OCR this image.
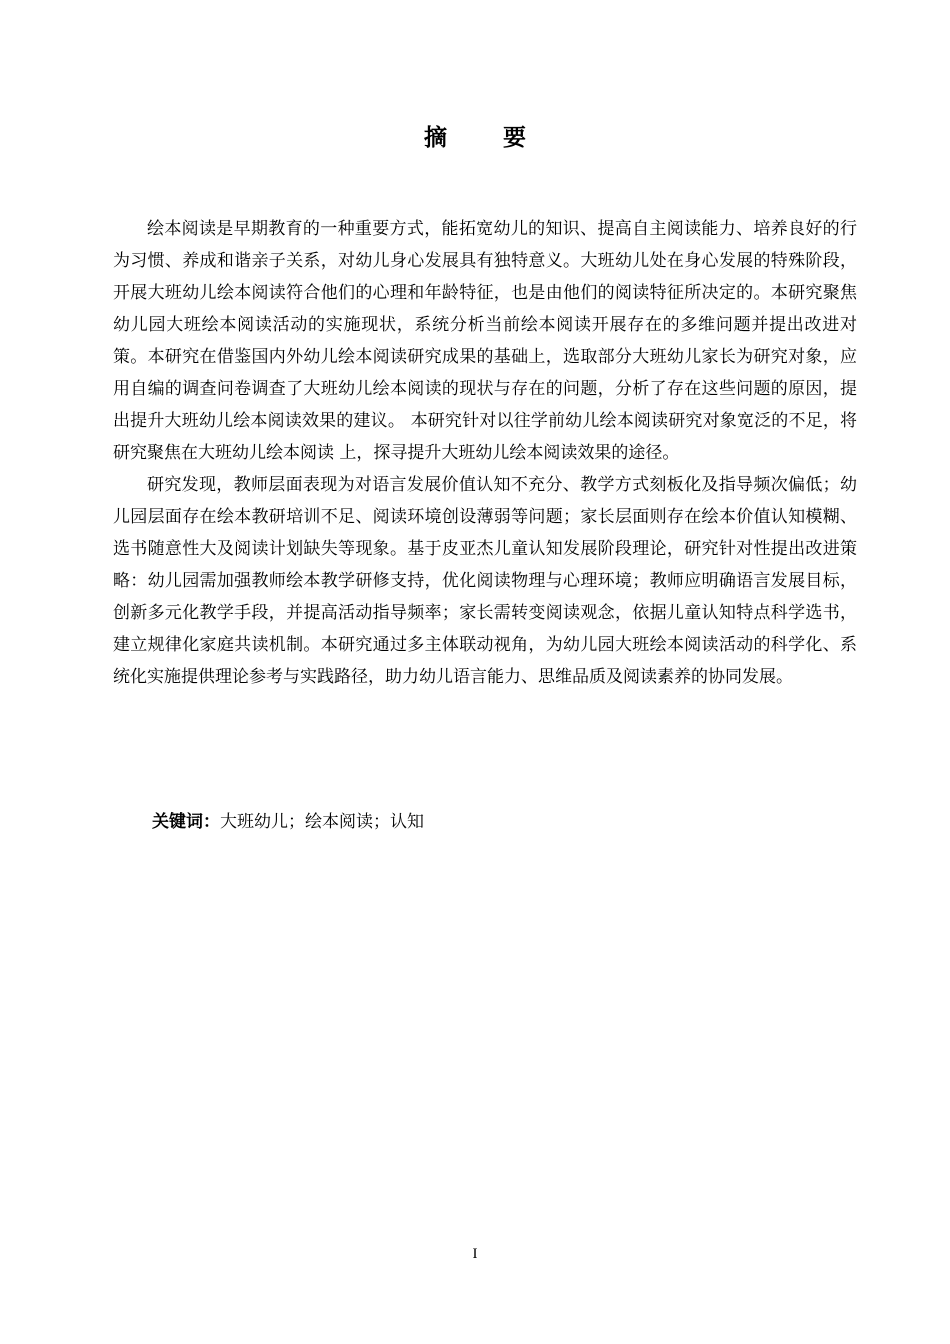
摘 要

绘本阅读是早期教育的一种重要方式，能拓宽幼儿的知识、提高自主阅读能力、培养良好的行为习惯、养成和谐亲子关系，对幼儿身心发展具有独特意义。大班幼儿处在身心发展的特殊阶段，开展大班幼儿绘本阅读符合他们的心理和年龄特征，也是由他们的阅读特征所决定的。本研究聚焦幼儿园大班绘本阅读活动的实施现状，系统分析当前绘本阅读开展存在的多维问题并提出改进对策。本研究在借鉴国内外幼儿绘本阅读研究成果的基础上，选取部分大班幼儿家长为研究对象，应用自编的调查问卷调查了大班幼儿绘本阅读的现状与存在的问题，分析了存在这些问题的原因，提出提升大班幼儿绘本阅读效果的建议。 本研究针对以往学前幼儿绘本阅读研究对象宽泛的不足，将研究聚焦在大班幼儿绘本阅读 上，探寻提升大班幼儿绘本阅读效果的途径。

研究发现，教师层面表现为对语言发展价值认知不充分、教学方式刻板化及指导频次偏低；幼儿园层面存在绘本教研培训不足、阅读环境创设薄弱等问题；家长层面则存在绘本价值认知模糊、选书随意性大及阅读计划缺失等现象。基于皮亚杰儿童认知发展阶段理论，研究针对性提出改进策略：幼儿园需加强教师绘本教学研修支持，优化阅读物理与心理环境；教师应明确语言发展目标，创新多元化教学手段，并提高活动指导频率；家长需转变阅读观念，依据儿童认知特点科学选书，建立规律化家庭共读机制。本研究通过多主体联动视角，为幼儿园大班绘本阅读活动的科学化、系统化实施提供理论参考与实践路径，助力幼儿语言能力、思维品质及阅读素养的协同发展。

关键词：大班幼儿；绘本阅读；认知
I
